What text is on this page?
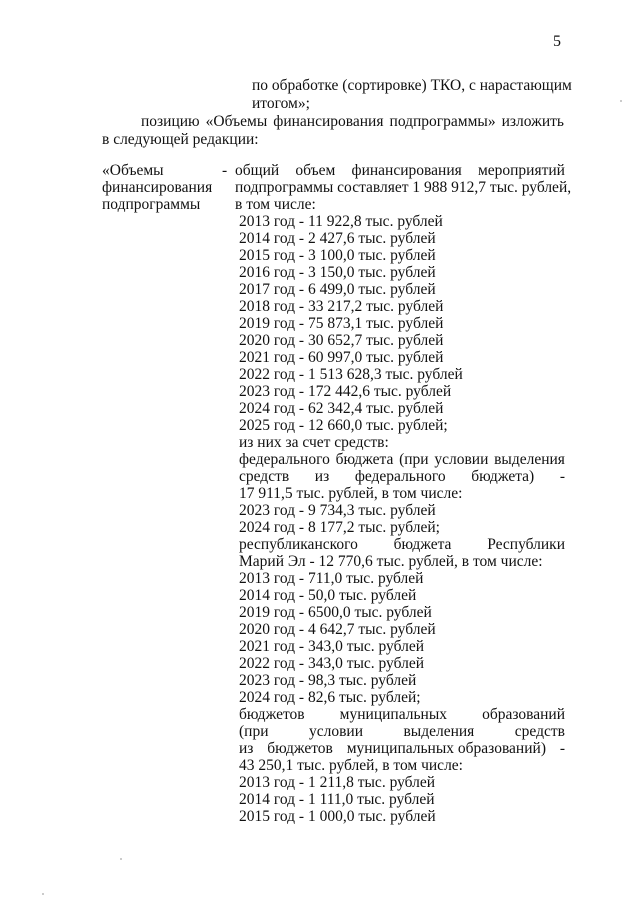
5
по обработке (сортировке) ТКО, с нарастающим
итогом»;
позицию «Объемы финансирования подпрограммы» изложить
в следующей редакции:
«Объемы
финансирования
подпрограммы
- общий объем финансирования мероприятий
подпрограммы составляет 1 988 912,7 тыс. рублей,
в том числе:
2013 год - 11 922,8 тыс. рублей
2014 год - 2 427,6 тыс. рублей
2015 год - 3 100,0 тыс. рублей
2016 год - 3 150,0 тыс. рублей
2017 год - 6 499,0 тыс. рублей
2018 год - 33 217,2 тыс. рублей
2019 год - 75 873,1 тыс. рублей
2020 год - 30 652,7 тыс. рублей
2021 год - 60 997,0 тыс. рублей
2022 год - 1 513 628,3 тыс. рублей
2023 год - 172 442,6 тыс. рублей
2024 год - 62 342,4 тыс. рублей
2025 год - 12 660,0 тыс. рублей;
из них за счет средств:
федерального бюджета (при условии выделения
средств из федерального бюджета) -
17 911,5 тыс. рублей, в том числе:
2023 год - 9 734,3 тыс. рублей
2024 год - 8 177,2 тыс. рублей;
республиканского бюджета Республики
Марий Эл - 12 770,6 тыс. рублей, в том числе:
2013 год - 711,0 тыс. рублей
2014 год - 50,0 тыс. рублей
2019 год - 6500,0 тыс. рублей
2020 год - 4 642,7 тыс. рублей
2021 год - 343,0 тыс. рублей
2022 год - 343,0 тыс. рублей
2023 год - 98,3 тыс. рублей
2024 год - 82,6 тыс. рублей;
бюджетов муниципальных образований
(при	условии	выделения	средств
из бюджетов муниципальных образований) -
43 250,1 тыс. рублей, в том числе:
2013 год - 1 211,8 тыс. рублей
2014 год - 1 111,0 тыс. рублей
2015 год - 1 000,0 тыс. рублей
